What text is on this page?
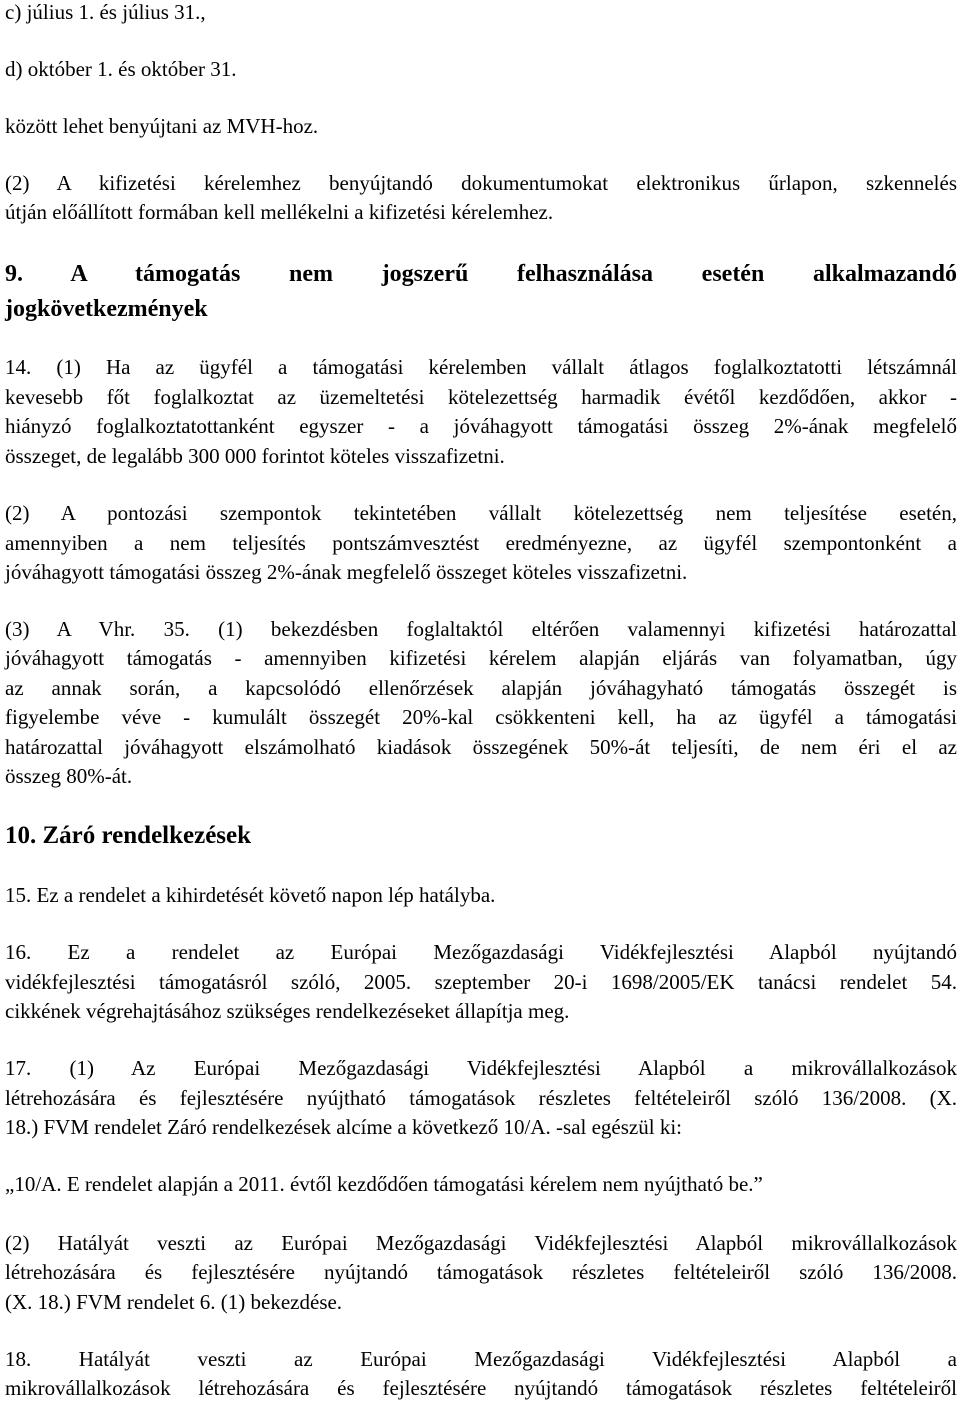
c) július 1. és július 31.,
d) október 1. és október 31.
között lehet benyújtani az MVH-hoz.
(2) A kifizetési kérelemhez benyújtandó dokumentumokat elektronikus űrlapon, szkennelés
útján előállított formában kell mellékelni a kifizetési kérelemhez.
9. A támogatás nem jogszerű felhasználása esetén alkalmazandó
jogkövetkezmények
14. (1) Ha az ügyfél a támogatási kérelemben vállalt átlagos foglalkoztatotti létszámnál
kevesebb főt foglalkoztat az üzemeltetési kötelezettség harmadik évétől kezdődően, akkor -
hiányzó foglalkoztatottanként egyszer - a jóváhagyott támogatási összeg 2%-ának megfelelő
összeget, de legalább 300 000 forintot köteles visszafizetni.
(2) A pontozási szempontok tekintetében vállalt kötelezettség nem teljesítése esetén,
amennyiben a nem teljesítés pontszámvesztést eredményezne, az ügyfél szempontonként a
jóváhagyott támogatási összeg 2%-ának megfelelő összeget köteles visszafizetni.
(3) A Vhr. 35. (1) bekezdésben foglaltaktól eltérően valamennyi kifizetési határozattal
jóváhagyott támogatás - amennyiben kifizetési kérelem alapján eljárás van folyamatban, úgy
az annak során, a kapcsolódó ellenőrzések alapján jóváhagyható támogatás összegét is
figyelembe véve - kumulált összegét 20%-kal csökkenteni kell, ha az ügyfél a támogatási
határozattal jóváhagyott elszámolható kiadások összegének 50%-át teljesíti, de nem éri el az
összeg 80%-át.
10. Záró rendelkezések
15. Ez a rendelet a kihirdetését követő napon lép hatályba.
16. Ez a rendelet az Európai Mezőgazdasági Vidékfejlesztési Alapból nyújtandó
vidékfejlesztési támogatásról szóló, 2005. szeptember 20-i 1698/2005/EK tanácsi rendelet 54.
cikkének végrehajtásához szükséges rendelkezéseket állapítja meg.
17. (1) Az Európai Mezőgazdasági Vidékfejlesztési Alapból a mikrovállalkozások
létrehozására és fejlesztésére nyújtható támogatások részletes feltételeiről szóló 136/2008. (X.
18.) FVM rendelet Záró rendelkezések alcíme a következő 10/A. -sal egészül ki:
„10/A. E rendelet alapján a 2011. évtől kezdődően támogatási kérelem nem nyújtható be.”
(2) Hatályát veszti az Európai Mezőgazdasági Vidékfejlesztési Alapból mikrovállalkozások
létrehozására és fejlesztésére nyújtandó támogatások részletes feltételeiről szóló 136/2008.
(X. 18.) FVM rendelet 6. (1) bekezdése.
18. Hatályát veszti az Európai Mezőgazdasági Vidékfejlesztési Alapból a
mikrovállalkozások létrehozására és fejlesztésére nyújtandó támogatások részletes feltételeiről
